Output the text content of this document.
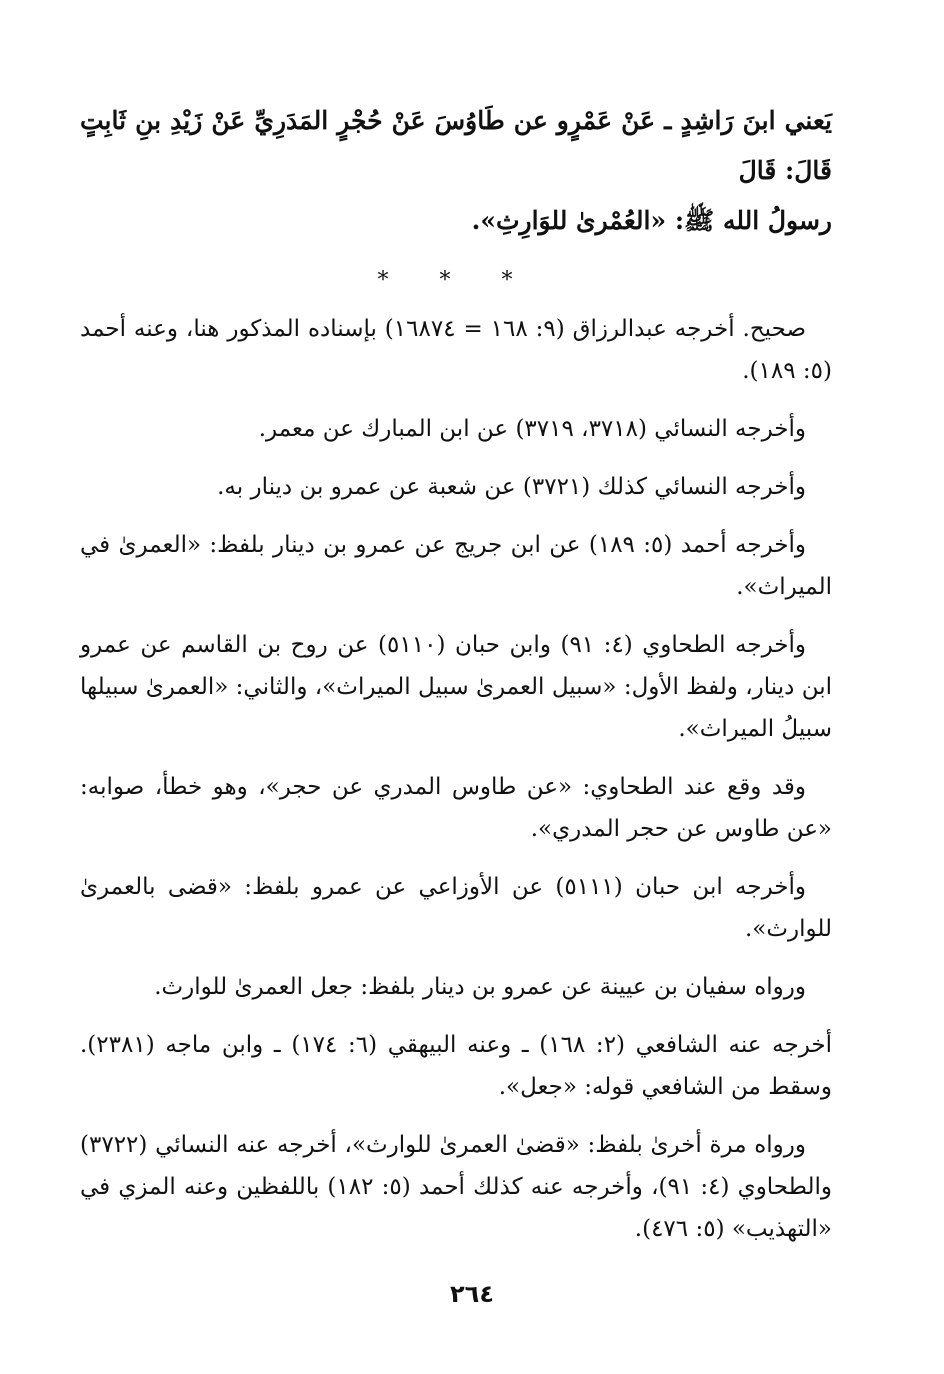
يَعني ابنَ رَاشِدٍ ـ عَنْ عَمْرٍو عن طَاوُسَ عَنْ حُجْرٍ المَدَرِيِّ عَنْ زَيْدِ بنِ ثَابِتٍ قَالَ: قَالَ
رسولُ الله ﷺ: «العُمْرىٰ للوَارِثِ».

* * *

صحيح. أخرجه عبدالرزاق (٩: ١٦٨ = ١٦٨٧٤) بإسناده المذكور هنا، وعنه أحمد (٥: ١٨٩).

وأخرجه النسائي (٣٧١٨، ٣٧١٩) عن ابن المبارك عن معمر.

وأخرجه النسائي كذلك (٣٧٢١) عن شعبة عن عمرو بن دينار به.

وأخرجه أحمد (٥: ١٨٩) عن ابن جريج عن عمرو بن دينار بلفظ: «العمرىٰ في الميراث».

وأخرجه الطحاوي (٤: ٩١) وابن حبان (٥١١٠) عن روح بن القاسم عن عمرو ابن دينار، ولفظ الأول: «سبيل العمرىٰ سبيل الميراث»، والثاني: «العمرىٰ سبيلها سبيلُ الميراث».

وقد وقع عند الطحاوي: «عن طاوس المدري عن حجر»، وهو خطأ، صوابه: «عن طاوس عن حجر المدري».

وأخرجه ابن حبان (٥١١١) عن الأوزاعي عن عمرو بلفظ: «قضى بالعمرىٰ للوارث».

ورواه سفيان بن عيينة عن عمرو بن دينار بلفظ: جعل العمرىٰ للوارث.

أخرجه عنه الشافعي (٢: ١٦٨) ـ وعنه البيهقي (٦: ١٧٤) ـ وابن ماجه (٢٣٨١). وسقط من الشافعي قوله: «جعل».

ورواه مرة أخرىٰ بلفظ: «قضىٰ العمرىٰ للوارث»، أخرجه عنه النسائي (٣٧٢٢) والطحاوي (٤: ٩١)، وأخرجه عنه كذلك أحمد (٥: ١٨٢) باللفظين وعنه المزي في «التهذيب» (٥: ٤٧٦).

٢٦٤
